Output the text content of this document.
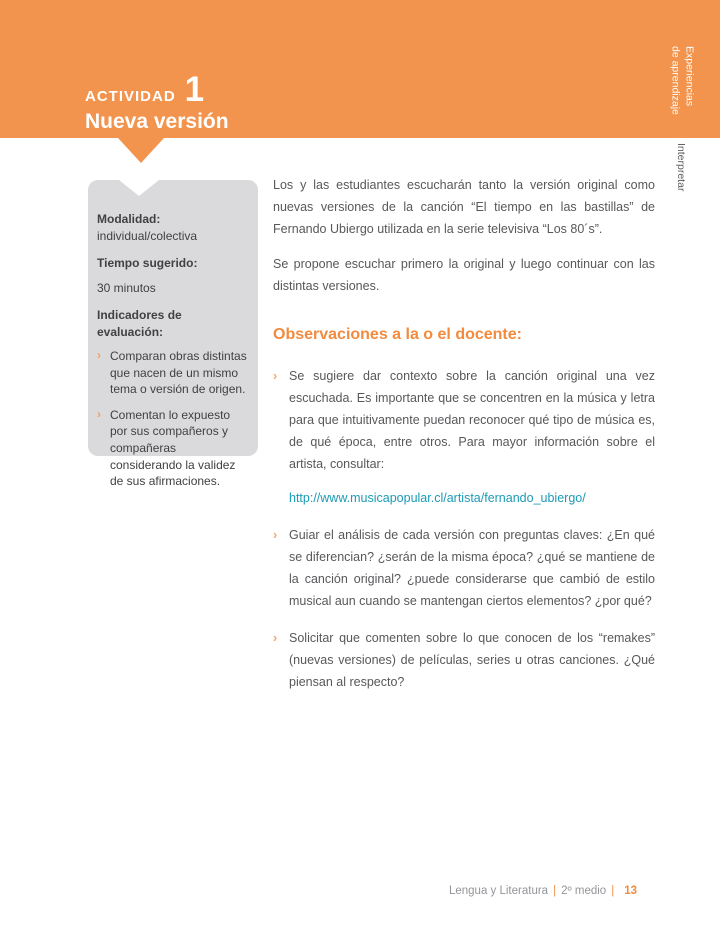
ACTIVIDAD 1
Nueva versión
Experiencias
de aprendizaje
Interpretar

Modalidad: individual/colectiva

Tiempo sugerido:

30 minutos

Indicadores de evaluación:

› Comparan obras distintas que nacen de un mismo tema o versión de origen.
› Comentan lo expuesto por sus compañeros y compañeras considerando la validez de sus afirmaciones.

Los y las estudiantes escucharán tanto la versión original como nuevas versiones de la canción “El tiempo en las bastillas” de Fernando Ubiergo utilizada en la serie televisiva “Los 80´s”.

Se propone escuchar primero la original y luego continuar con las distintas versiones.

Observaciones a la o el docente:
› Se sugiere dar contexto sobre la canción original una vez escuchada. Es importante que se concentren en la música y letra para que intuitivamente puedan reconocer qué tipo de música es, de qué época, entre otros. Para mayor información sobre el artista, consultar:
http://www.musicapopular.cl/artista/fernando_ubiergo/
› Guiar el análisis de cada versión con preguntas claves: ¿En qué se diferencian? ¿serán de la misma época? ¿qué se mantiene de la canción original? ¿puede considerarse que cambió de estilo musical aun cuando se mantengan ciertos elementos? ¿por qué?
› Solicitar que comenten sobre lo que conocen de los “remakes” (nuevas versiones) de películas, series u otras canciones. ¿Qué piensan al respecto?
Lengua y Literatura | 2º medio | 13
